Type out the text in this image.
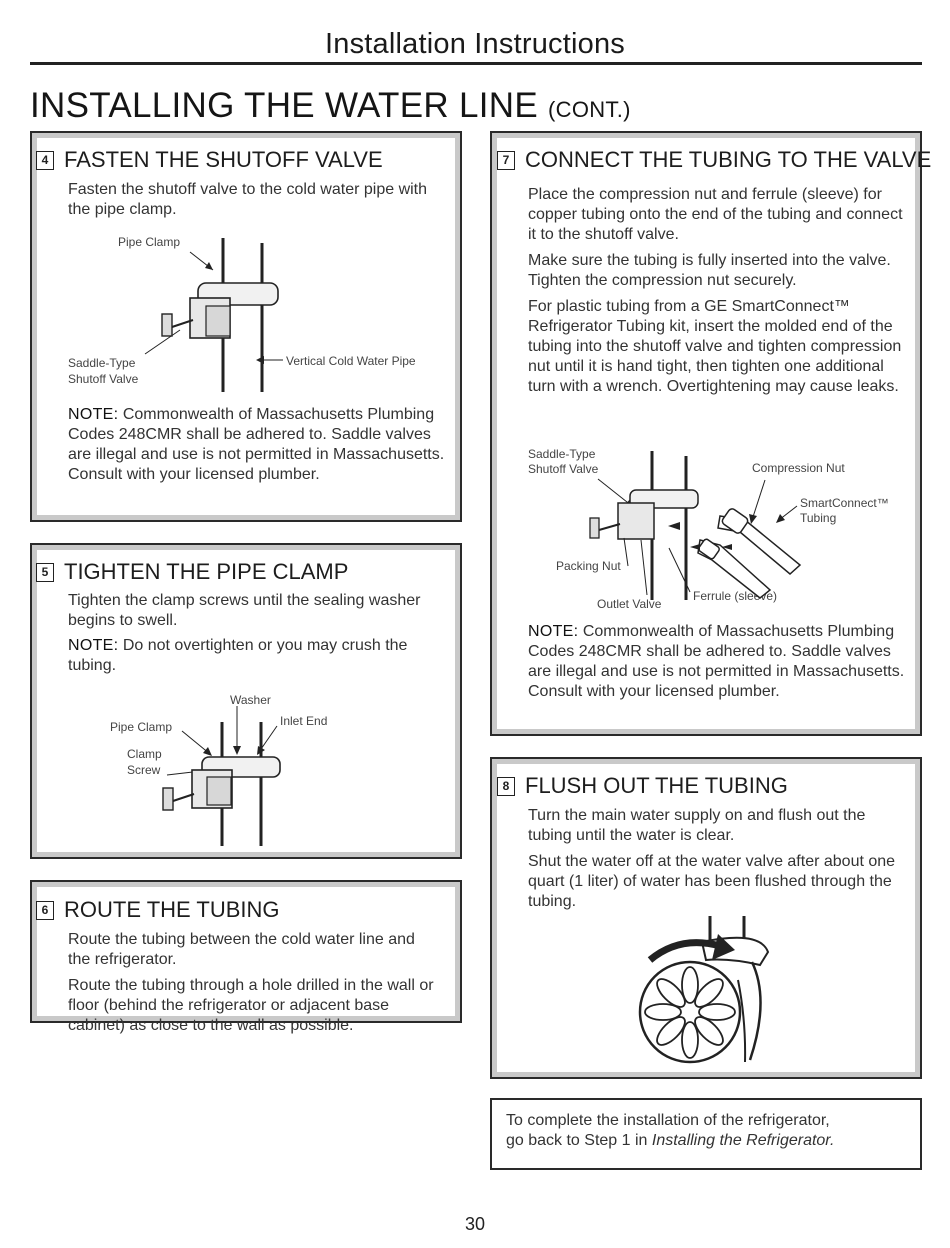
Installation Instructions
INSTALLING THE WATER LINE (CONT.)
4 FASTEN THE SHUTOFF VALVE
Fasten the shutoff valve to the cold water pipe with the pipe clamp.
Pipe Clamp
Saddle-Type
Shutoff Valve
Vertical Cold Water Pipe
NOTE: Commonwealth of Massachusetts Plumbing Codes 248CMR shall be adhered to. Saddle valves are illegal and use is not permitted in Massachusetts. Consult with your licensed plumber.
5 TIGHTEN THE PIPE CLAMP
Tighten the clamp screws until the sealing washer begins to swell.
NOTE: Do not overtighten or you may crush the tubing.
Washer
Pipe Clamp	Inlet End
Clamp
Screw
6 ROUTE THE TUBING

Route the tubing between the cold water line and the refrigerator.

Route the tubing through a hole drilled in the wall or floor (behind the refrigerator or adjacent base cabinet) as close to the wall as possible.

7 CONNECT THE TUBING TO THE VALVE

Place the compression nut and ferrule (sleeve) for copper tubing onto the end of the tubing and connect it to the shutoff valve.

Make sure the tubing is fully inserted into the valve. Tighten the compression nut securely.

For plastic tubing from a GE SmartConnect™ Refrigerator Tubing kit, insert the molded end of the tubing into the shutoff valve and tighten compression nut until it is hand tight, then tighten one additional turn with a wrench. Overtightening may cause leaks.

Saddle-Type
Shutoff Valve	Compression Nut
SmartConnect™
Tubing
Packing Nut
Outlet Valve
Ferrule (sleeve)
NOTE: Commonwealth of Massachusetts Plumbing Codes 248CMR shall be adhered to. Saddle valves are illegal and use is not permitted in Massachusetts. Consult with your licensed plumber.
8 FLUSH OUT THE TUBING

Turn the main water supply on and flush out the tubing until the water is clear.

Shut the water off at the water valve after about one quart (1 liter) of water has been flushed through the tubing.

To complete the installation of the refrigerator,
go back to Step 1 in Installing the Refrigerator.
30
